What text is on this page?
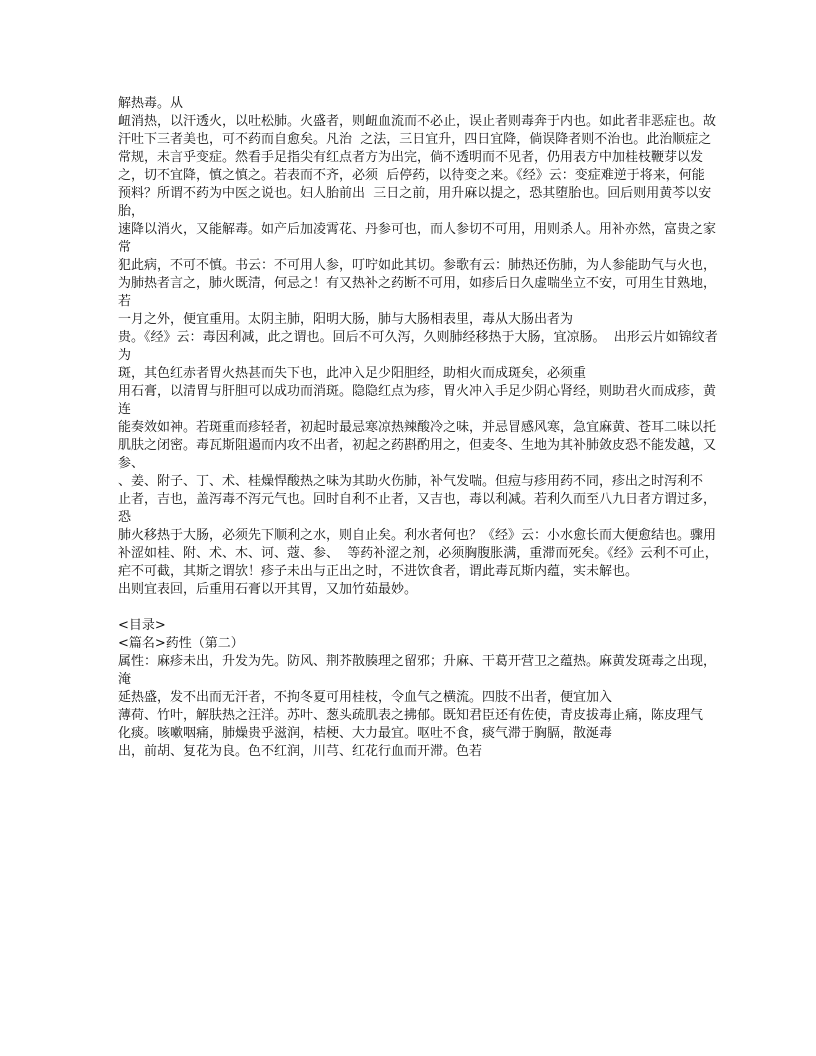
解热毒。从

衄消热，以汗透火，以吐松肺。火盛者，则衄血流而不必止，误止者则毒奔于内也。如此者非恶症也。故

汗吐下三者美也，可不药而自愈矣。凡治  之法，三日宜升，四日宜降，倘误降者则不治也。此治顺症之

常规，未言乎变症。然看手足指尖有红点者方为出完，倘不透明而不见者，仍用表方中加桂枝鞭芽以发

之，切不宜降，慎之慎之。若表而不齐，必须  后停药，以待变之来。《经》云：变症难逆于将来，何能

预料？所谓不药为中医之说也。妇人胎前出  三日之前，用升麻以提之，恐其堕胎也。回后则用黄芩以安胎，

速降以消火，又能解毒。如产后加凌霄花、丹参可也，而人参切不可用，用则杀人。用补亦然，富贵之家常

犯此病，不可不慎。书云：不可用人参，叮咛如此其切。参歌有云：肺热还伤肺，为人参能助气与火也，

为肺热者言之，肺火既清，何忌之！有又热补之药断不可用，如疹后日久虚喘坐立不安，可用生甘熟地，若

一月之外，便宜重用。太阴主肺，阳明大肠，肺与大肠相表里，毒从大肠出者为

贵。《经》云：毒因利减，此之谓也。回后不可久泻，久则肺经移热于大肠，宜凉肠。  出形云片如锦纹者为

斑，其色红赤者胃火热甚而失下也，此冲入足少阳胆经，助相火而成斑矣，必须重

用石膏，以清胃与肝胆可以成功而消斑。隐隐红点为疹，胃火冲入手足少阴心肾经，则助君火而成疹，黄连

能奏效如神。若斑重而疹轻者，初起时最忌寒凉热辣酸冷之味，并忌冒感风寒，急宜麻黄、苍耳二味以托

肌肤之闭密。毒瓦斯阻遏而内攻不出者，初起之药斟酌用之，但麦冬、生地为其补肺敛皮恐不能发越，又参、

、姜、附子、丁、术、桂燥悍酸热之味为其助火伤肺，补气发喘。但痘与疹用药不同，疹出之时泻利不

止者，吉也，盖泻毒不泻元气也。回时自利不止者，又吉也，毒以利减。若利久而至八九日者方谓过多，恐

肺火移热于大肠，必须先下顺利之水，则自止矣。利水者何也？《经》云：小水愈长而大便愈结也。骤用

补涩如桂、附、术、木、诃、蔻、参、  等药补涩之剂，必须胸腹胀满，重滞而死矣。《经》云利不可止，

疟不可截，其斯之谓欤！疹子未出与正出之时，不进饮食者，谓此毒瓦斯内蕴，实未解也。

出则宜表回，后重用石膏以开其胃，又加竹茹最妙。

<目录>

<篇名>药性（第二）

属性：麻疹未出，升发为先。防风、荆芥散腠理之留邪；升麻、干葛开营卫之蕴热。麻黄发斑毒之出现，淹

延热盛，发不出而无汗者，不拘冬夏可用桂枝，令血气之横流。四肢不出者，便宜加入

薄荷、竹叶，解肤热之汪洋。苏叶、葱头疏肌表之拂郁。既知君臣还有佐使，青皮拔毒止痛，陈皮理气

化痰。咳嗽咽痛，肺燥贵乎滋润，桔梗、大力最宜。呕吐不食，痰气滞于胸膈，散涎毒

出，前胡、复花为良。色不红润，川芎、红花行血而开滞。色若
